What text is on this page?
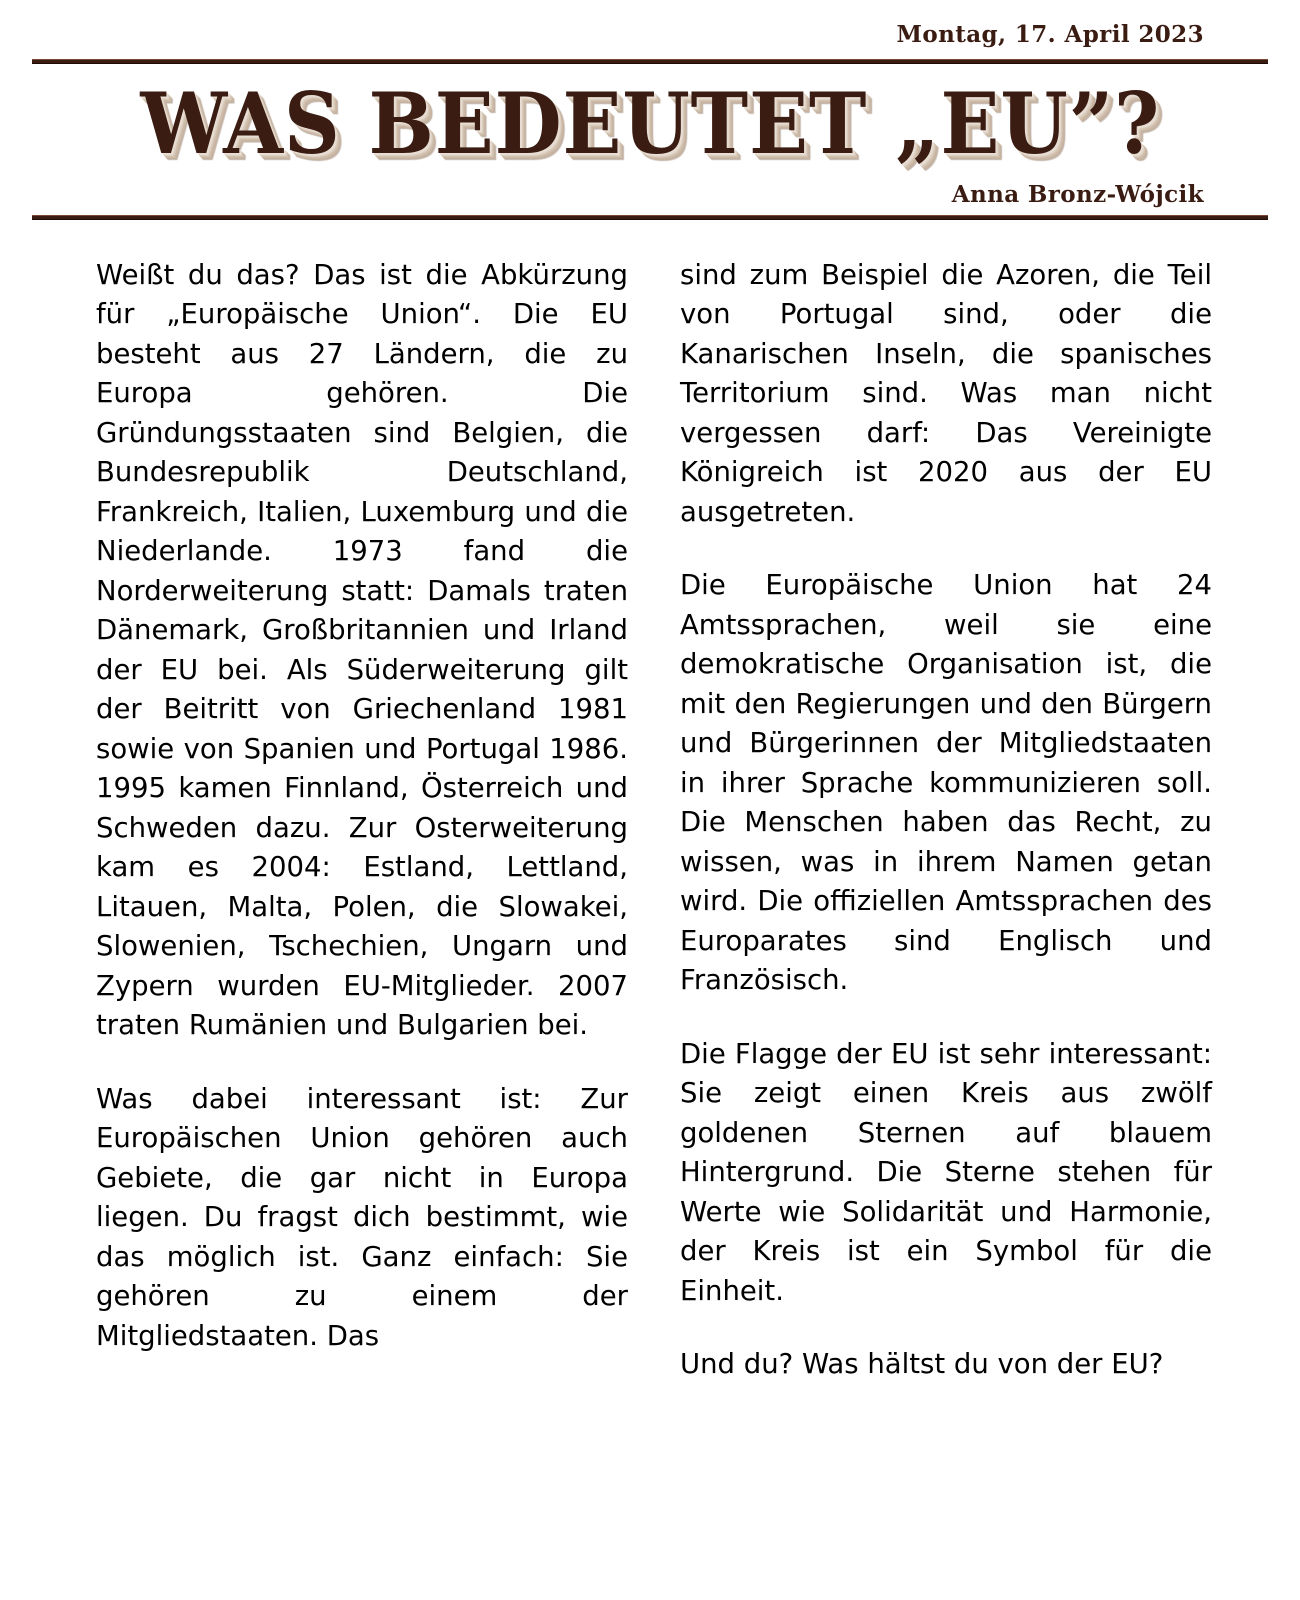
Montag, 17. April 2023
WAS BEDEUTET „EU”?
Anna Bronz-Wójcik

Weißt du das? Das ist die Abkürzung für „Europäische Union“. Die EU besteht aus 27 Ländern, die zu Europa gehören. Die Gründungsstaaten sind Belgien, die Bundesrepublik Deutschland, Frankreich, Italien, Luxemburg und die Niederlande. 1973 fand die Norderweiterung statt: Damals traten Dänemark, Großbritannien und Irland der EU bei. Als Süderweiterung gilt der Beitritt von Griechenland 1981 sowie von Spanien und Portugal 1986. 1995 kamen Finnland, Österreich und Schweden dazu. Zur Osterweiterung kam es 2004: Estland, Lettland, Litauen, Malta, Polen, die Slowakei, Slowenien, Tschechien, Ungarn und Zypern wurden EU-Mitglieder. 2007 traten Rumänien und Bulgarien bei.

Was dabei interessant ist: Zur Europäischen Union gehören auch Gebiete, die gar nicht in Europa liegen. Du fragst dich bestimmt, wie das möglich ist. Ganz einfach: Sie gehören zu einem der Mitgliedstaaten. Das

sind zum Beispiel die Azoren, die Teil von Portugal sind, oder die Kanarischen Inseln, die spanisches Territorium sind. Was man nicht vergessen darf: Das Vereinigte Königreich ist 2020 aus der EU ausgetreten.

Die Europäische Union hat 24 Amtssprachen, weil sie eine demokratische Organisation ist, die mit den Regierungen und den Bürgern und Bürgerinnen der Mitgliedstaaten in ihrer Sprache kommunizieren soll. Die Menschen haben das Recht, zu wissen, was in ihrem Namen getan wird. Die offiziellen Amtssprachen des Europarates sind Englisch und Französisch.

Die Flagge der EU ist sehr interessant: Sie zeigt einen Kreis aus zwölf goldenen Sternen auf blauem Hintergrund. Die Sterne stehen für Werte wie Solidarität und Harmonie, der Kreis ist ein Symbol für die Einheit.

Und du? Was hältst du von der EU?
